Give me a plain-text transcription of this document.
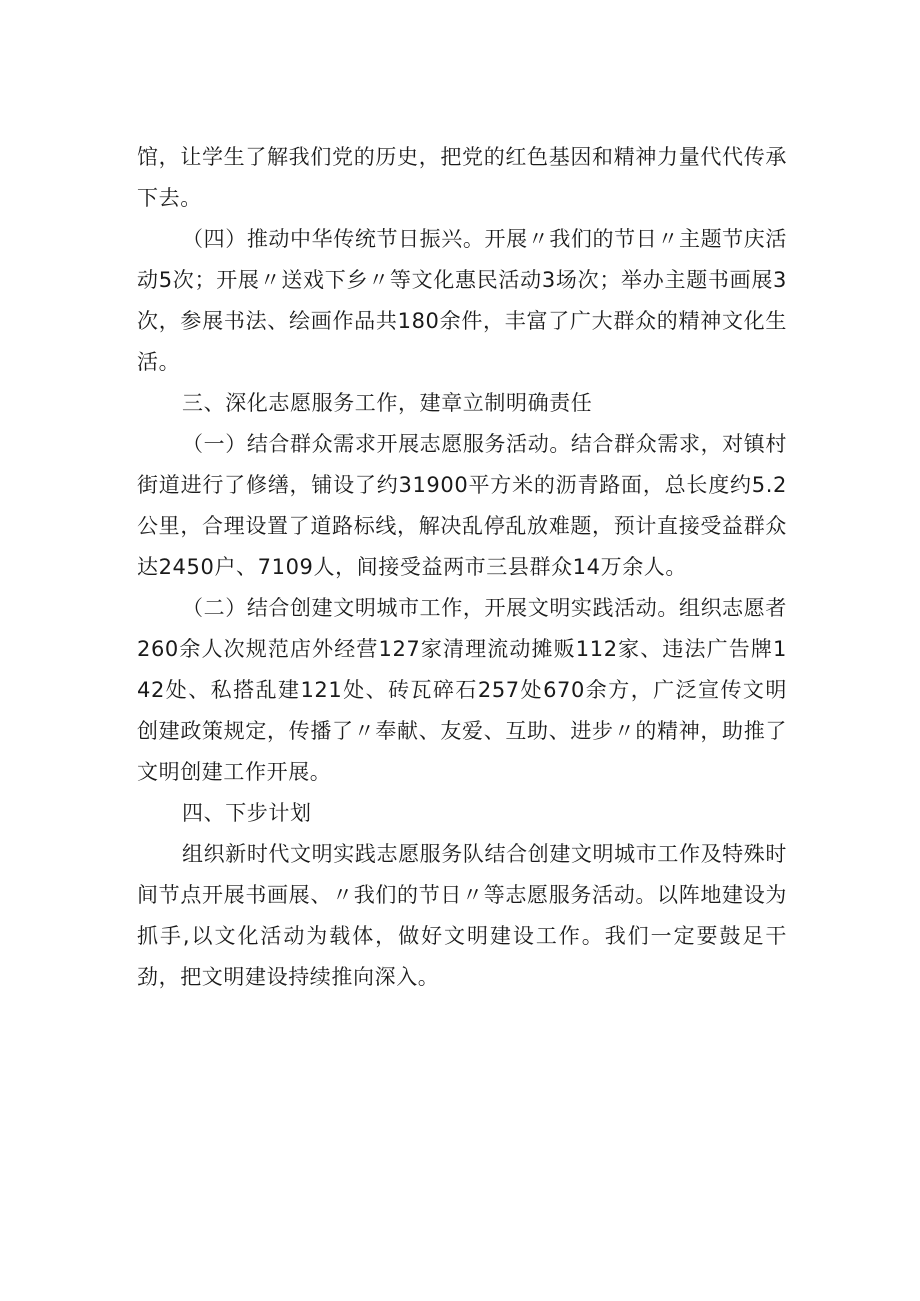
馆，让学生了解我们党的历史，把党的红色基因和精神力量代代传承下去。

（四）推动中华传统节日振兴。开展〃我们的节日〃主题节庆活动5次；开展〃送戏下乡〃等文化惠民活动3场次；举办主题书画展3次，参展书法、绘画作品共180余件，丰富了广大群众的精神文化生活。

三、深化志愿服务工作，建章立制明确责任

（一）结合群众需求开展志愿服务活动。结合群众需求，对镇村街道进行了修缮，铺设了约31900平方米的沥青路面，总长度约5.2公里，合理设置了道路标线，解决乱停乱放难题，预计直接受益群众达2450户、7109人，间接受益两市三县群众14万余人。

（二）结合创建文明城市工作，开展文明实践活动。组织志愿者260余人次规范店外经营127家清理流动摊贩112家、违法广告牌142处、私搭乱建121处、砖瓦碎石257处670余方，广泛宣传文明创建政策规定，传播了〃奉献、友爱、互助、进步〃的精神，助推了文明创建工作开展。

四、下步计划

组织新时代文明实践志愿服务队结合创建文明城市工作及特殊时间节点开展书画展、〃我们的节日〃等志愿服务活动。以阵地建设为抓手,以文化活动为载体，做好文明建设工作。我们一定要鼓足干劲，把文明建设持续推向深入。
